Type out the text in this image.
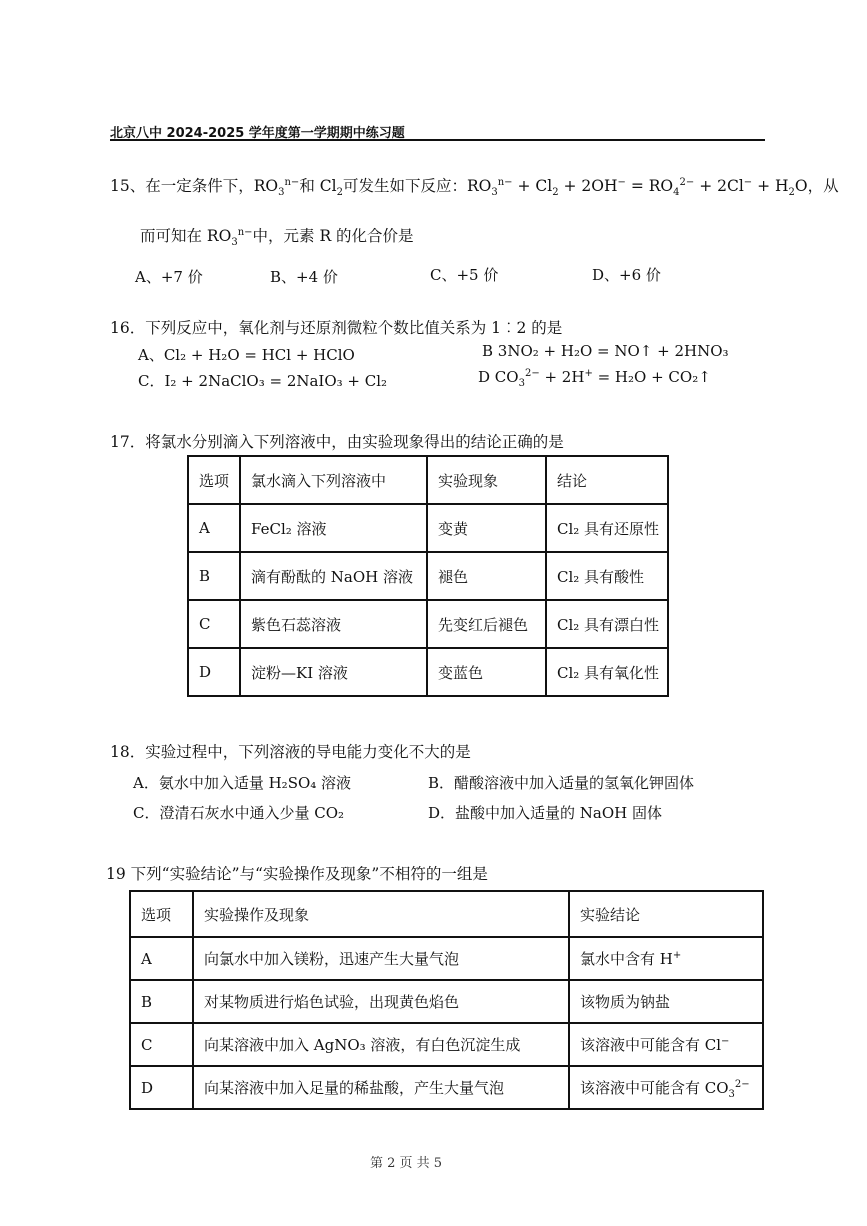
北京八中 2024-2025 学年度第一学期期中练习题
15、在一定条件下，$RO_3^{n-}$和 $Cl_2$可发生如下反应：$RO_3^{n-} + Cl_2 + 2OH^- = RO_4^{2-} + 2Cl^- + H_2O$，从
而可知在 $RO_3^{n-}$中，元素 R 的化合价是
A、+7 价	B、+4 价	C、+5 价	D、+6 价
16．下列反应中，氧化剂与还原剂微粒个数比值关系为 1︰2 的是
A、Cl₂ + H₂O = HCl + HClO	B 3NO₂ + H₂O = NO↑ + 2HNO₃
C．I₂ + 2NaClO₃ = 2NaIO₃ + Cl₂	D $CO_3^{2-} + 2H^+ = H_2O$ + CO₂↑
17．将氯水分别滴入下列溶液中，由实验现象得出的结论正确的是
选项	氯水滴入下列溶液中	实验现象	结论
A	FeCl₂ 溶液	变黄	Cl₂ 具有还原性
B	滴有酚酞的 NaOH 溶液	褪色	Cl₂ 具有酸性
C	紫色石蕊溶液	先变红后褪色	Cl₂ 具有漂白性
D	淀粉—KI 溶液	变蓝色	Cl₂ 具有氧化性
18．实验过程中，下列溶液的导电能力变化不大的是
A．氨水中加入适量 H₂SO₄ 溶液	B．醋酸溶液中加入适量的氢氧化钾固体
C．澄清石灰水中通入少量 CO₂	D．盐酸中加入适量的 NaOH 固体
19 下列“实验结论”与“实验操作及现象”不相符的一组是
选项	实验操作及现象	实验结论
A	向氯水中加入镁粉，迅速产生大量气泡	氯水中含有 H+
B	对某物质进行焰色试验，出现黄色焰色	该物质为钠盐
C	向某溶液中加入 AgNO₃ 溶液，有白色沉淀生成	该溶液中可能含有 Cl−
D	向某溶液中加入足量的稀盐酸，产生大量气泡	该溶液中可能含有 $CO_3^{2-}$
第 2 页 共 5
